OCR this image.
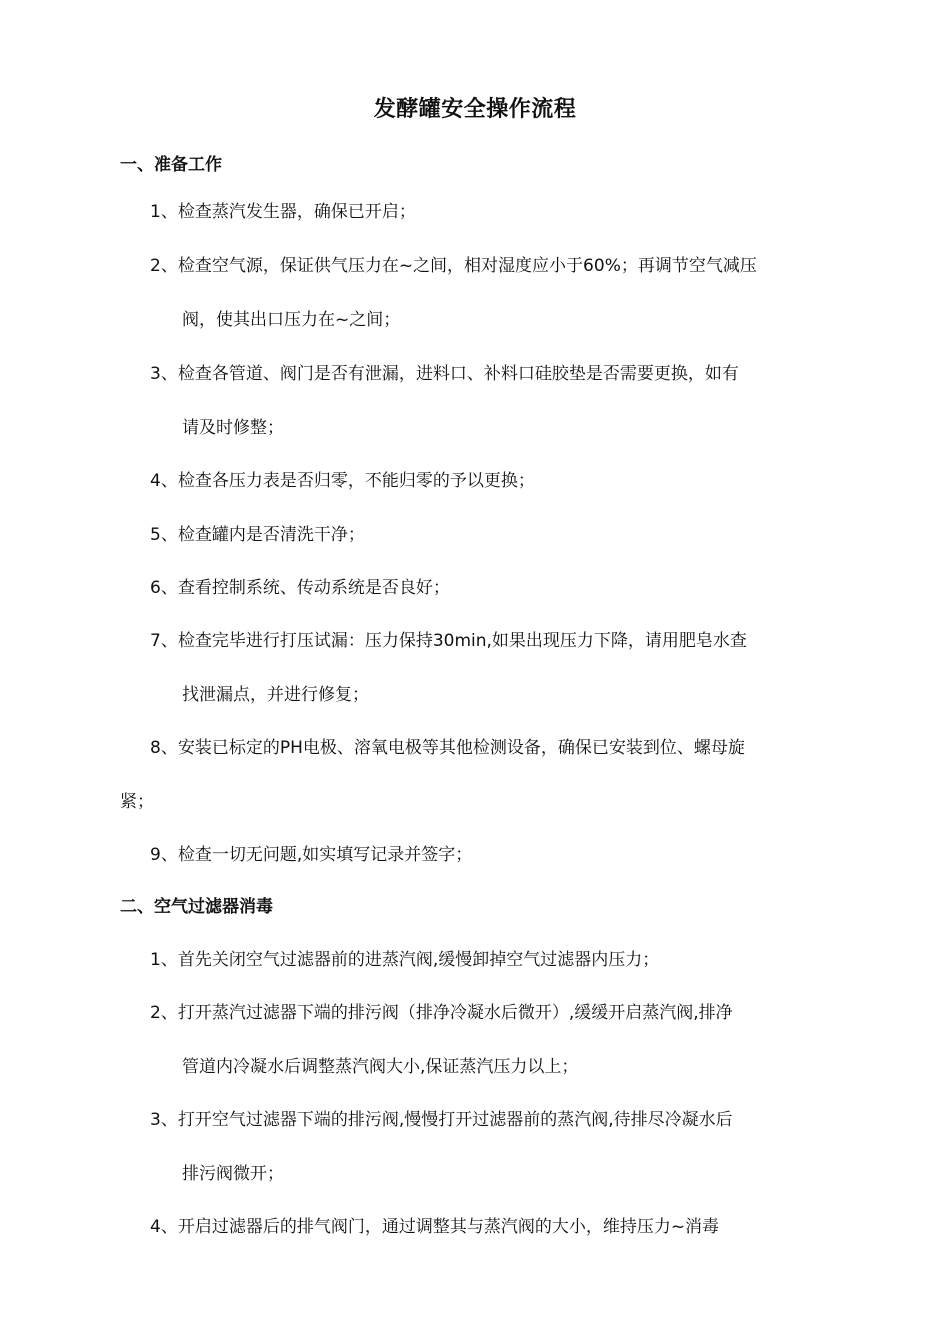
发酵罐安全操作流程
一、准备工作
1、检查蒸汽发生器，确保已开启；
2、检查空气源，保证供气压力在~之间，相对湿度应小于60%；再调节空气减压
阀，使其出口压力在~之间；
3、检查各管道、阀门是否有泄漏，进料口、补料口硅胶垫是否需要更换，如有
请及时修整；
4、检查各压力表是否归零，不能归零的予以更换；
5、检查罐内是否清洗干净；
6、查看控制系统、传动系统是否良好；
7、检查完毕进行打压试漏：压力保持30min,如果出现压力下降，请用肥皂水查
找泄漏点，并进行修复；
8、安装已标定的PH电极、溶氧电极等其他检测设备，确保已安装到位、螺母旋
紧；
9、检查一切无问题,如实填写记录并签字；
二、空气过滤器消毒
1、首先关闭空气过滤器前的进蒸汽阀,缓慢卸掉空气过滤器内压力；
2、打开蒸汽过滤器下端的排污阀（排净冷凝水后微开）,缓缓开启蒸汽阀,排净
管道内冷凝水后调整蒸汽阀大小,保证蒸汽压力以上；
3、打开空气过滤器下端的排污阀,慢慢打开过滤器前的蒸汽阀,待排尽冷凝水后
排污阀微开；
4、开启过滤器后的排气阀门，通过调整其与蒸汽阀的大小，维持压力~消毒
